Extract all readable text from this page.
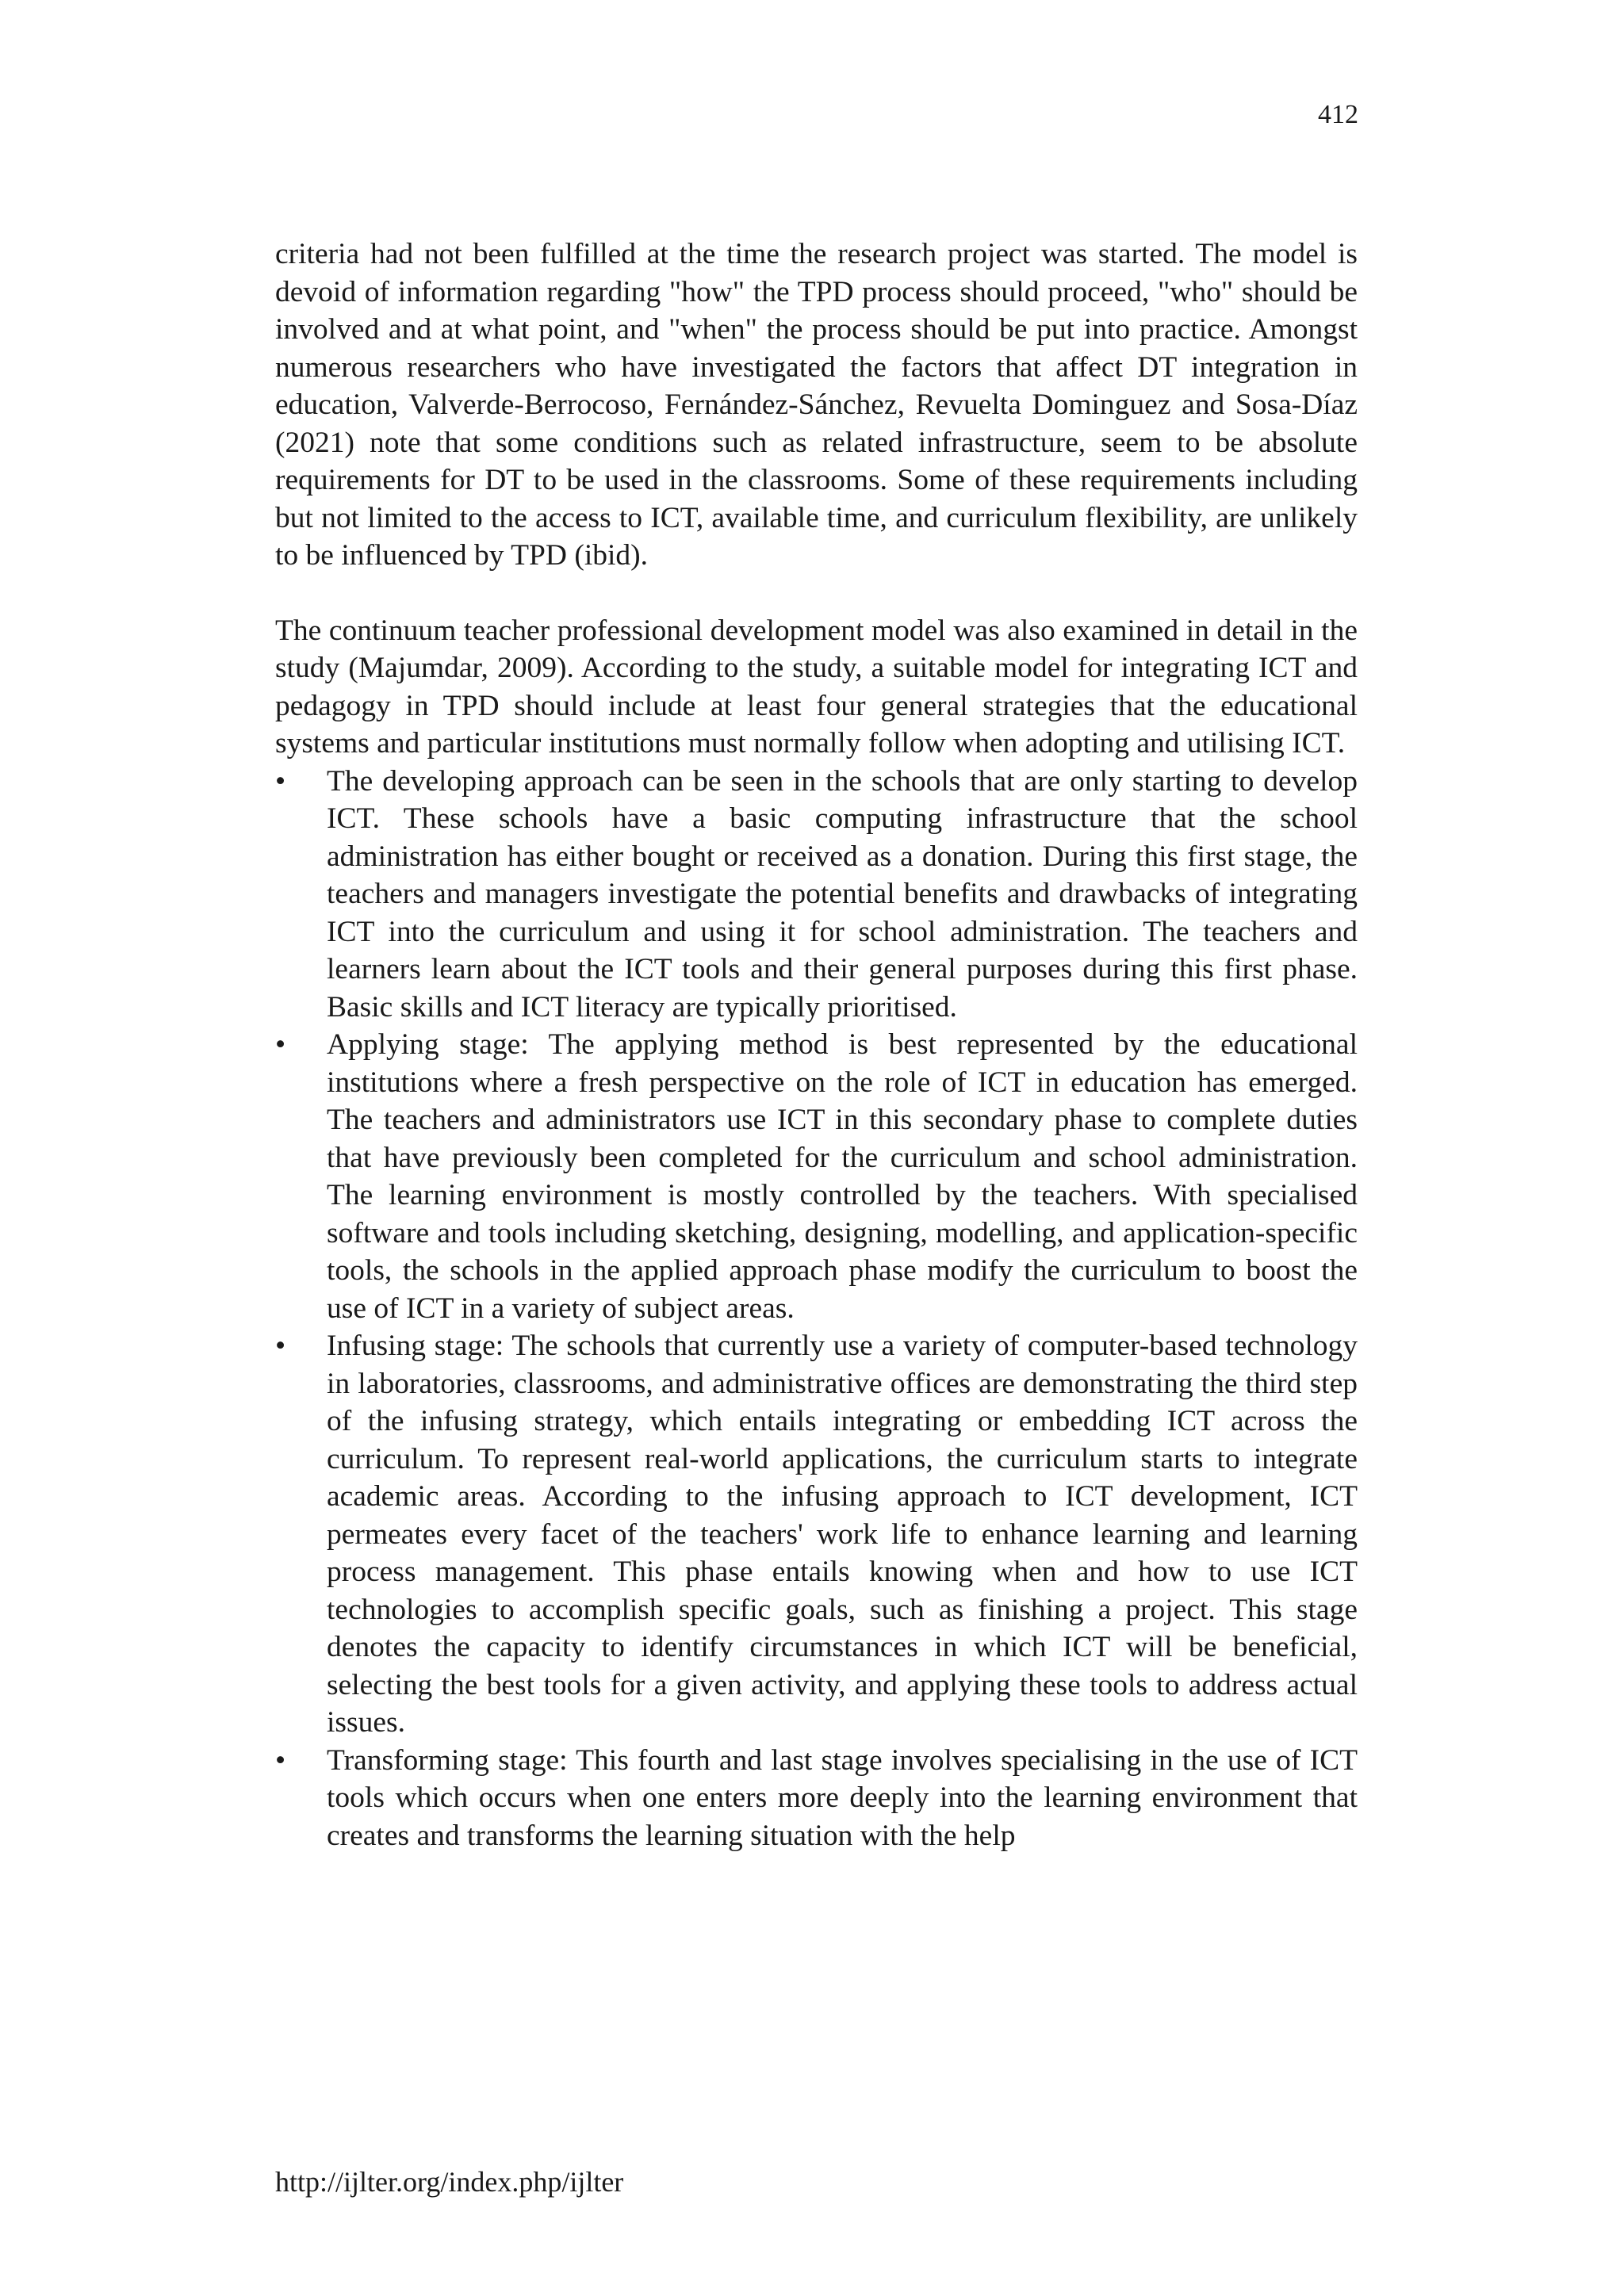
412

criteria had not been fulfilled at the time the research project was started. The model is devoid of information regarding "how" the TPD process should proceed, "who" should be involved and at what point, and "when" the process should be put into practice. Amongst numerous researchers who have investigated the factors that affect DT integration in education, Valverde-Berrocoso, Fernández-Sánchez, Revuelta Dominguez and Sosa-Díaz (2021) note that some conditions such as related infrastructure, seem to be absolute requirements for DT to be used in the classrooms. Some of these requirements including but not limited to the access to ICT, available time, and curriculum flexibility, are unlikely to be influenced by TPD (ibid).

The continuum teacher professional development model was also examined in detail in the study (Majumdar, 2009). According to the study, a suitable model for integrating ICT and pedagogy in TPD should include at least four general strategies that the educational systems and particular institutions must normally follow when adopting and utilising ICT.

• The developing approach can be seen in the schools that are only starting to develop ICT. These schools have a basic computing infrastructure that the school administration has either bought or received as a donation. During this first stage, the teachers and managers investigate the potential benefits and drawbacks of integrating ICT into the curriculum and using it for school administration. The teachers and learners learn about the ICT tools and their general purposes during this first phase. Basic skills and ICT literacy are typically prioritised.
• Applying stage: The applying method is best represented by the educational institutions where a fresh perspective on the role of ICT in education has emerged. The teachers and administrators use ICT in this secondary phase to complete duties that have previously been completed for the curriculum and school administration. The learning environment is mostly controlled by the teachers. With specialised software and tools including sketching, designing, modelling, and application-specific tools, the schools in the applied approach phase modify the curriculum to boost the use of ICT in a variety of subject areas.
• Infusing stage: The schools that currently use a variety of computer-based technology in laboratories, classrooms, and administrative offices are demonstrating the third step of the infusing strategy, which entails integrating or embedding ICT across the curriculum. To represent real-world applications, the curriculum starts to integrate academic areas. According to the infusing approach to ICT development, ICT permeates every facet of the teachers' work life to enhance learning and learning process management. This phase entails knowing when and how to use ICT technologies to accomplish specific goals, such as finishing a project. This stage denotes the capacity to identify circumstances in which ICT will be beneficial, selecting the best tools for a given activity, and applying these tools to address actual issues.
• Transforming stage: This fourth and last stage involves specialising in the use of ICT tools which occurs when one enters more deeply into the learning environment that creates and transforms the learning situation with the help
http://ijlter.org/index.php/ijlter
